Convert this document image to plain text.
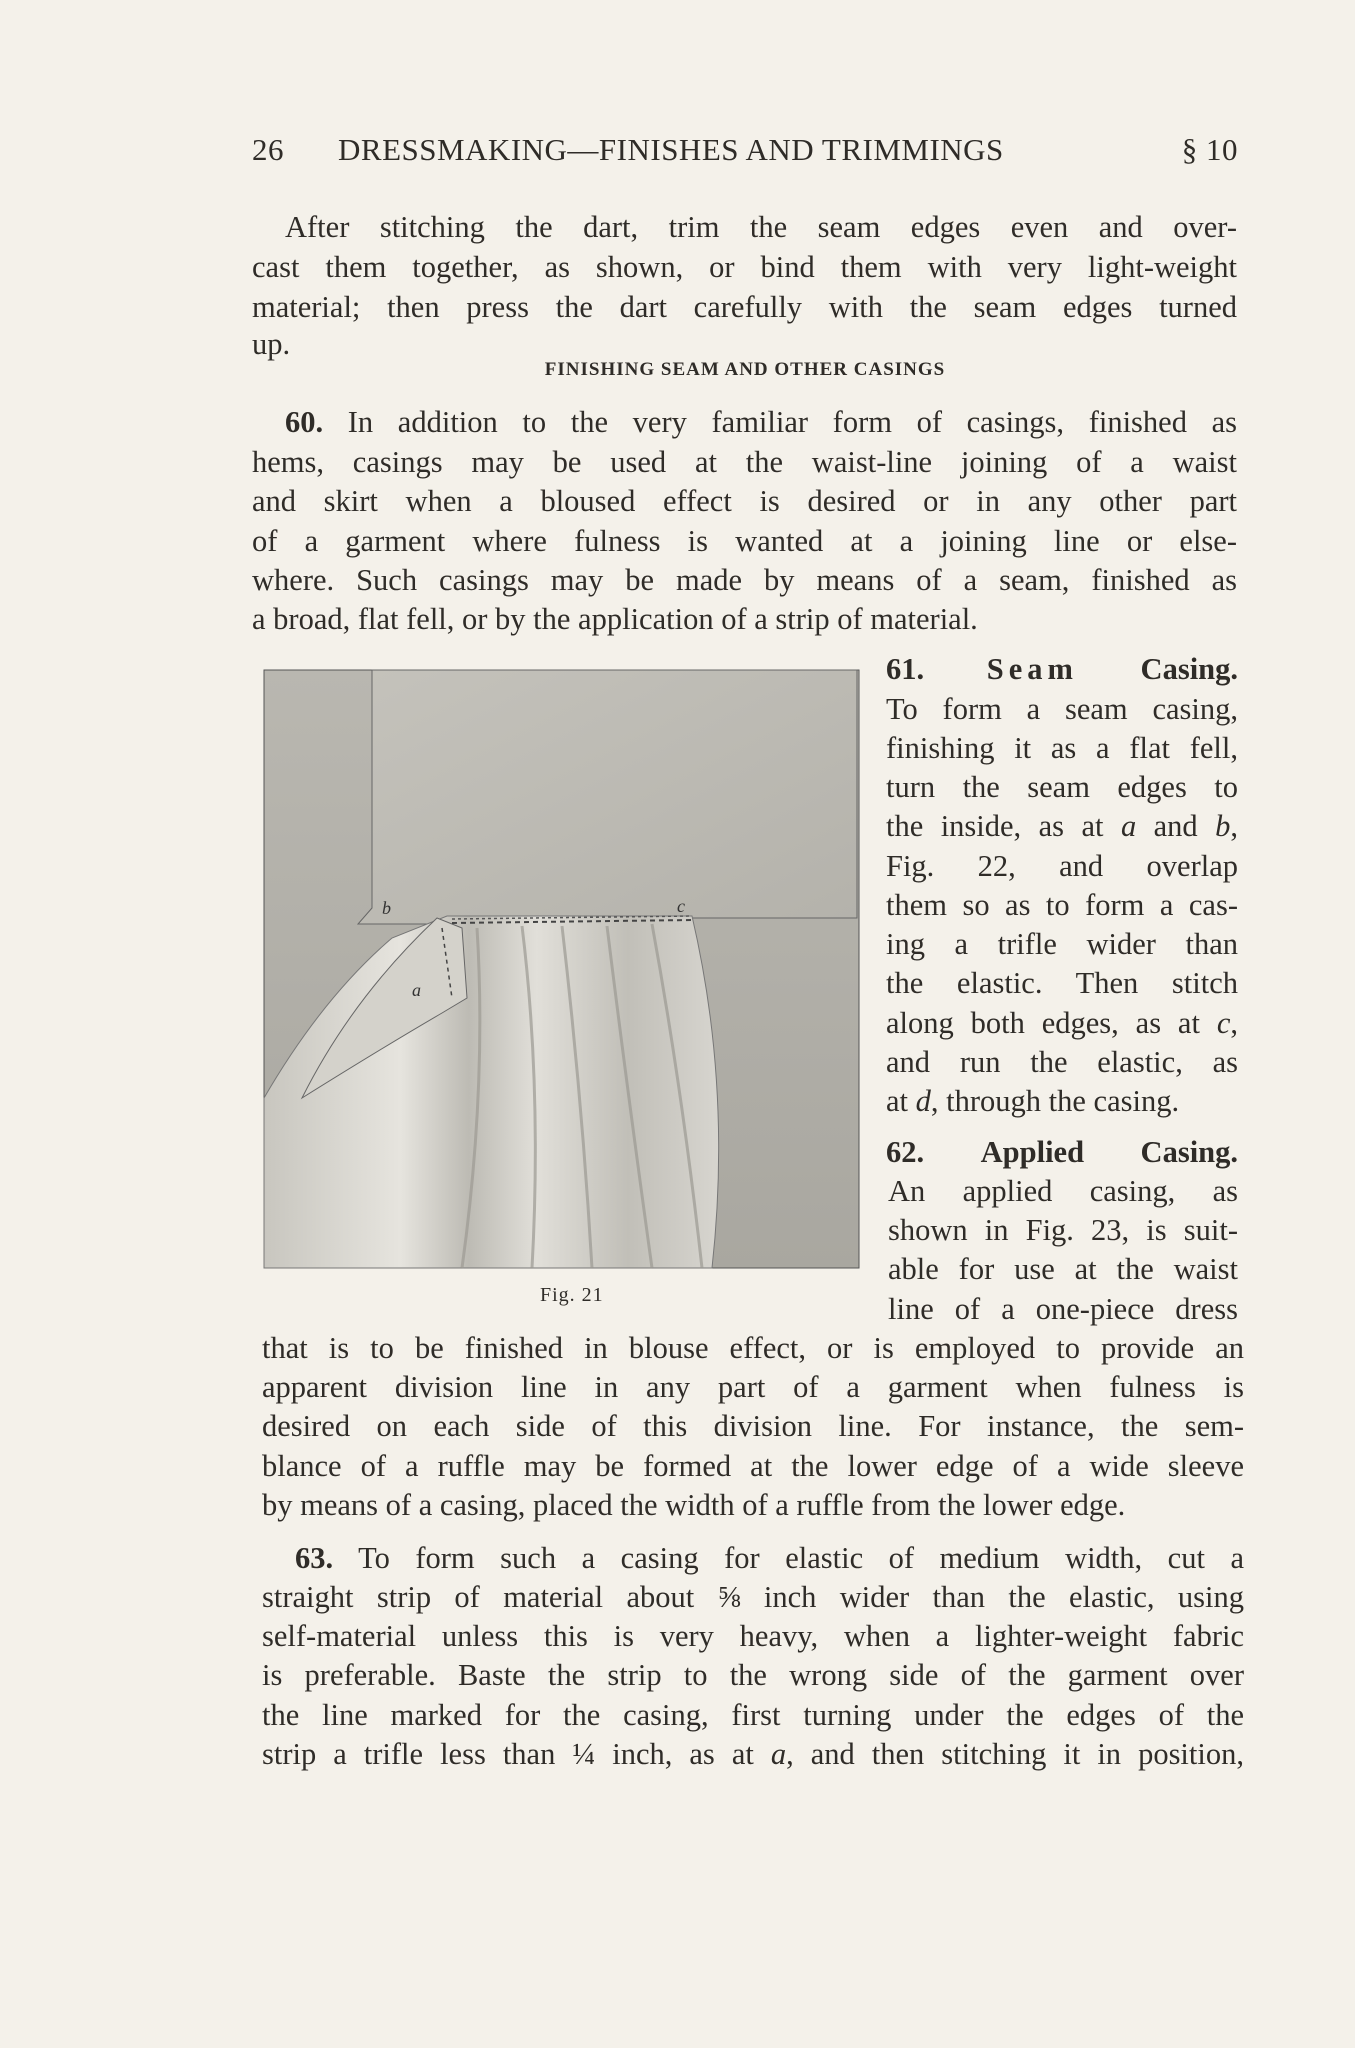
26 DRESSMAKING—FINISHES AND TRIMMINGS	§ 10

After stitching the dart, trim the seam edges even and over-

cast them together, as shown, or bind them with very light-weight

material; then press the dart carefully with the seam edges turned

up.

FINISHING SEAM AND OTHER CASINGS

60. In addition to the very familiar form of casings, finished as

hems, casings may be used at the waist-line joining of a waist

and skirt when a bloused effect is desired or in any other part

of a garment where fulness is wanted at a joining line or else-

where. Such casings may be made by means of a seam, finished as

a broad, flat fell, or by the application of a strip of material.

b	c
a
Fig. 21

61. Seam Casing.

To form a seam casing,

finishing it as a flat fell,

turn the seam edges to

the inside, as at a and b,

Fig. 22, and overlap

them so as to form a cas-

ing a trifle wider than

the elastic. Then stitch

along both edges, as at c,

and run the elastic, as

at d, through the casing.

62. Applied Casing.

An applied casing, as

shown in Fig. 23, is suit-

able for use at the waist

line of a one-piece dress

that is to be finished in blouse effect, or is employed to provide an

apparent division line in any part of a garment when fulness is

desired on each side of this division line. For instance, the sem-

blance of a ruffle may be formed at the lower edge of a wide sleeve

by means of a casing, placed the width of a ruffle from the lower edge.

63. To form such a casing for elastic of medium width, cut a

straight strip of material about ⅝ inch wider than the elastic, using

self-material unless this is very heavy, when a lighter-weight fabric

is preferable. Baste the strip to the wrong side of the garment over

the line marked for the casing, first turning under the edges of the

strip a trifle less than ¼ inch, as at a, and then stitching it in position,
